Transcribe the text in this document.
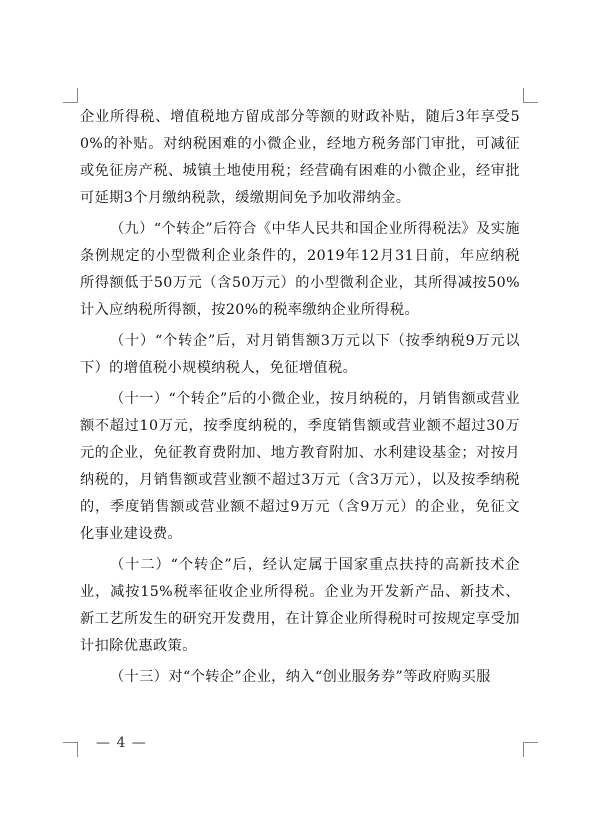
企业所得税、增值税地方留成部分等额的财政补贴，随后3年享受50%的补贴。对纳税困难的小微企业，经地方税务部门审批，可减征或免征房产税、城镇土地使用税；经营确有困难的小微企业，经审批可延期3个月缴纳税款，缓缴期间免予加收滞纳金。

（九）“个转企”后符合《中华人民共和国企业所得税法》及实施条例规定的小型微利企业条件的，2019年12月31日前，年应纳税所得额低于50万元（含50万元）的小型微利企业，其所得减按50%计入应纳税所得额，按20%的税率缴纳企业所得税。

（十）“个转企”后，对月销售额3万元以下（按季纳税9万元以下）的增值税小规模纳税人，免征增值税。

（十一）“个转企”后的小微企业，按月纳税的，月销售额或营业额不超过10万元，按季度纳税的，季度销售额或营业额不超过30万元的企业，免征教育费附加、地方教育附加、水利建设基金；对按月纳税的，月销售额或营业额不超过3万元（含3万元），以及按季纳税的，季度销售额或营业额不超过9万元（含9万元）的企业，免征文化事业建设费。

（十二）“个转企”后，经认定属于国家重点扶持的高新技术企业，减按15%税率征收企业所得税。企业为开发新产品、新技术、新工艺所发生的研究开发费用，在计算企业所得税时可按规定享受加计扣除优惠政策。

（十三）对“个转企”企业，纳入“创业服务券”等政府购买服

— 4 —
